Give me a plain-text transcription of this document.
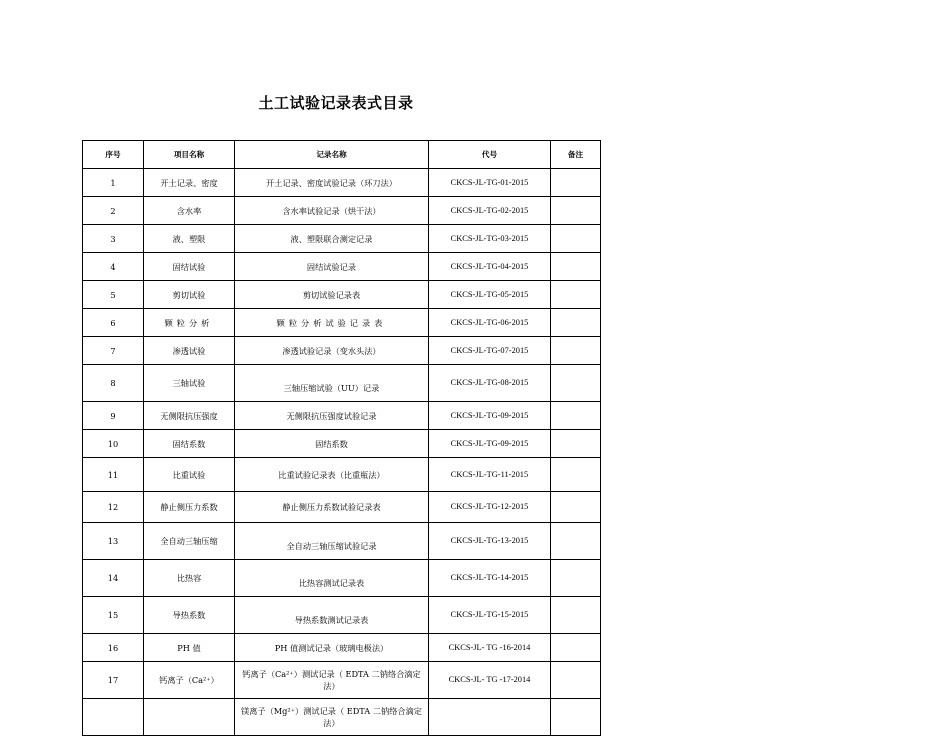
土工试验记录表式目录
序号	项目名称	记录名称	代号	备注
1	开土记录、密度	开土记录、密度试验记录（环刀法）	CKCS-JL-TG-01-2015	
2	含水率	含水率试验记录（烘干法）	CKCS-JL-TG-02-2015	
3	液、塑限	液、塑限联合测定记录	CKCS-JL-TG-03-2015	
4	固结试验	固结试验记录	CKCS-JL-TG-04-2015	
5	剪切试验	剪切试验记录表	CKCS-JL-TG-05-2015	
6	颗粒分析	颗粒分析试验记录表	CKCS-JL-TG-06-2015	
7	渗透试验	渗透试验记录（变水头法）	CKCS-JL-TG-07-2015	
8	三轴试验	三轴压缩试验（UU）记录	CKCS-JL-TG-08-2015	
9	无侧限抗压强度	无侧限抗压强度试验记录	CKCS-JL-TG-09-2015	
10	固结系数	固结系数	CKCS-JL-TG-09-2015	
11	比重试验	比重试验记录表（比重瓶法）	CKCS-JL-TG-11-2015	
12	静止侧压力系数	静止侧压力系数试验记录表	CKCS-JL-TG-12-2015	
13	全自动三轴压缩	全自动三轴压缩试验记录	CKCS-JL-TG-13-2015	
14	比热容	比热容测试记录表	CKCS-JL-TG-14-2015	
15	导热系数	导热系数测试记录表	CKCS-JL-TG-15-2015	
16	PH 值	PH 值测试记录（玻璃电极法）	CKCS-JL- TG -16-2014	
17	钙离子（Ca²⁺）	钙离子（Ca²⁺）测试记录（ EDTA 二钠络合滴定法）	CKCS-JL- TG -17-2014	
		镁离子（Mg²⁺）测试记录（ EDTA 二钠络合滴定法）		
